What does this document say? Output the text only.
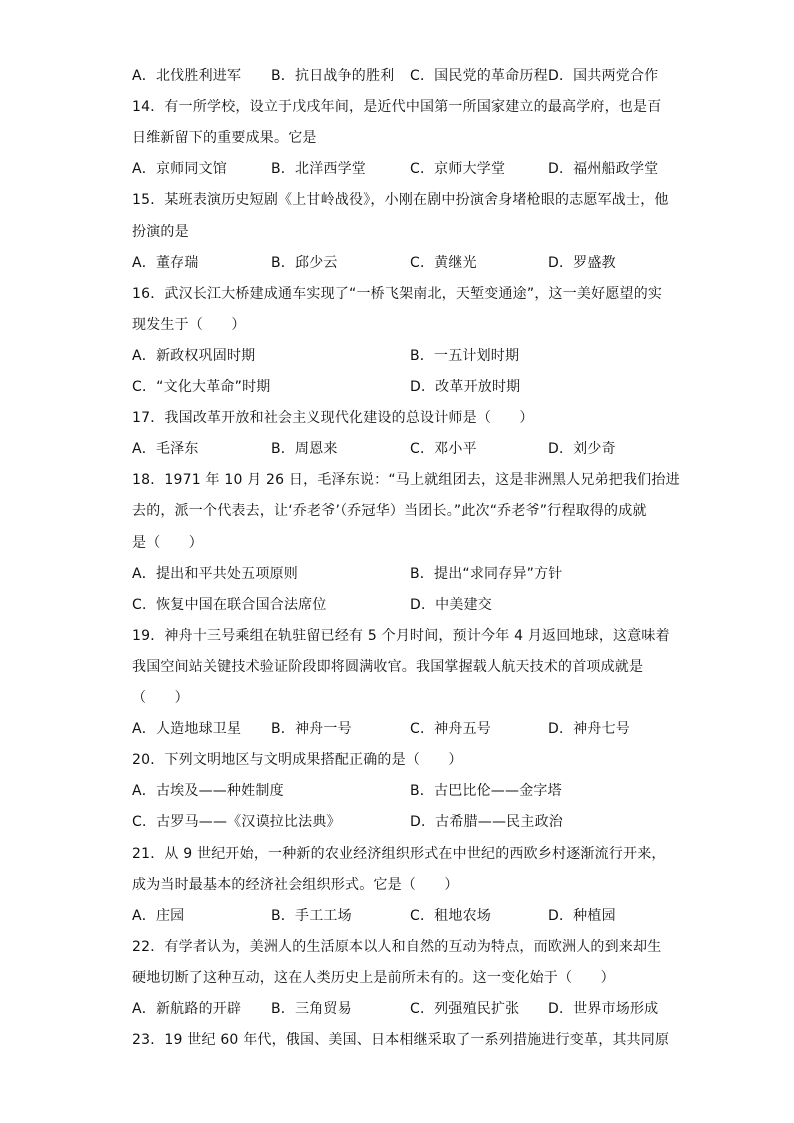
A．北伐胜利进军 B．抗日战争的胜利 C．国民党的革命历程 D．国共两党合作
14．有一所学校，设立于戊戌年间，是近代中国第一所国家建立的最高学府，也是百
日维新留下的重要成果。它是
A．京师同文馆	B．北洋西学堂	C．京师大学堂	D．福州船政学堂
15．某班表演历史短剧《上甘岭战役》，小刚在剧中扮演舍身堵枪眼的志愿军战士，他
扮演的是
A．董存瑞	B．邱少云	C．黄继光	D．罗盛教
16．武汉长江大桥建成通车实现了“一桥飞架南北，天堑变通途”，这一美好愿望的实
现发生于（　　）
A．新政权巩固时期	B．一五计划时期
C．“文化大革命”时期	D．改革开放时期
17．我国改革开放和社会主义现代化建设的总设计师是（　　）
A．毛泽东	B．周恩来	C．邓小平	D．刘少奇
18．1971 年 10 月 26 日，毛泽东说：“马上就组团去，这是非洲黑人兄弟把我们抬进
去的，派一个代表去，让‘乔老爷’（乔冠华）当团长。”此次“乔老爷”行程取得的成就
是（　　）
A．提出和平共处五项原则	B．提出“求同存异”方针
C．恢复中国在联合国合法席位	D．中美建交
19．神舟十三号乘组在轨驻留已经有 5 个月时间，预计今年 4 月返回地球，这意味着
我国空间站关键技术验证阶段即将圆满收官。我国掌握载人航天技术的首项成就是
（　　）
A．人造地球卫星 B．神舟一号	C．神舟五号	D．神舟七号
20．下列文明地区与文明成果搭配正确的是（　　）
A．古埃及——种姓制度	B．古巴比伦——金字塔
C．古罗马——《汉谟拉比法典》	D．古希腊——民主政治
21．从 9 世纪开始，一种新的农业经济组织形式在中世纪的西欧乡村逐渐流行开来，
成为当时最基本的经济社会组织形式。它是（　　）
A．庄园	B．手工工场	C．租地农场	D．种植园
22．有学者认为，美洲人的生活原本以人和自然的互动为特点，而欧洲人的到来却生
硬地切断了这种互动，这在人类历史上是前所未有的。这一变化始于（　　）
A．新航路的开辟 B．三角贸易	C．列强殖民扩张 D．世界市场形成
23．19 世纪 60 年代，俄国、美国、日本相继采取了一系列措施进行变革，其共同原
